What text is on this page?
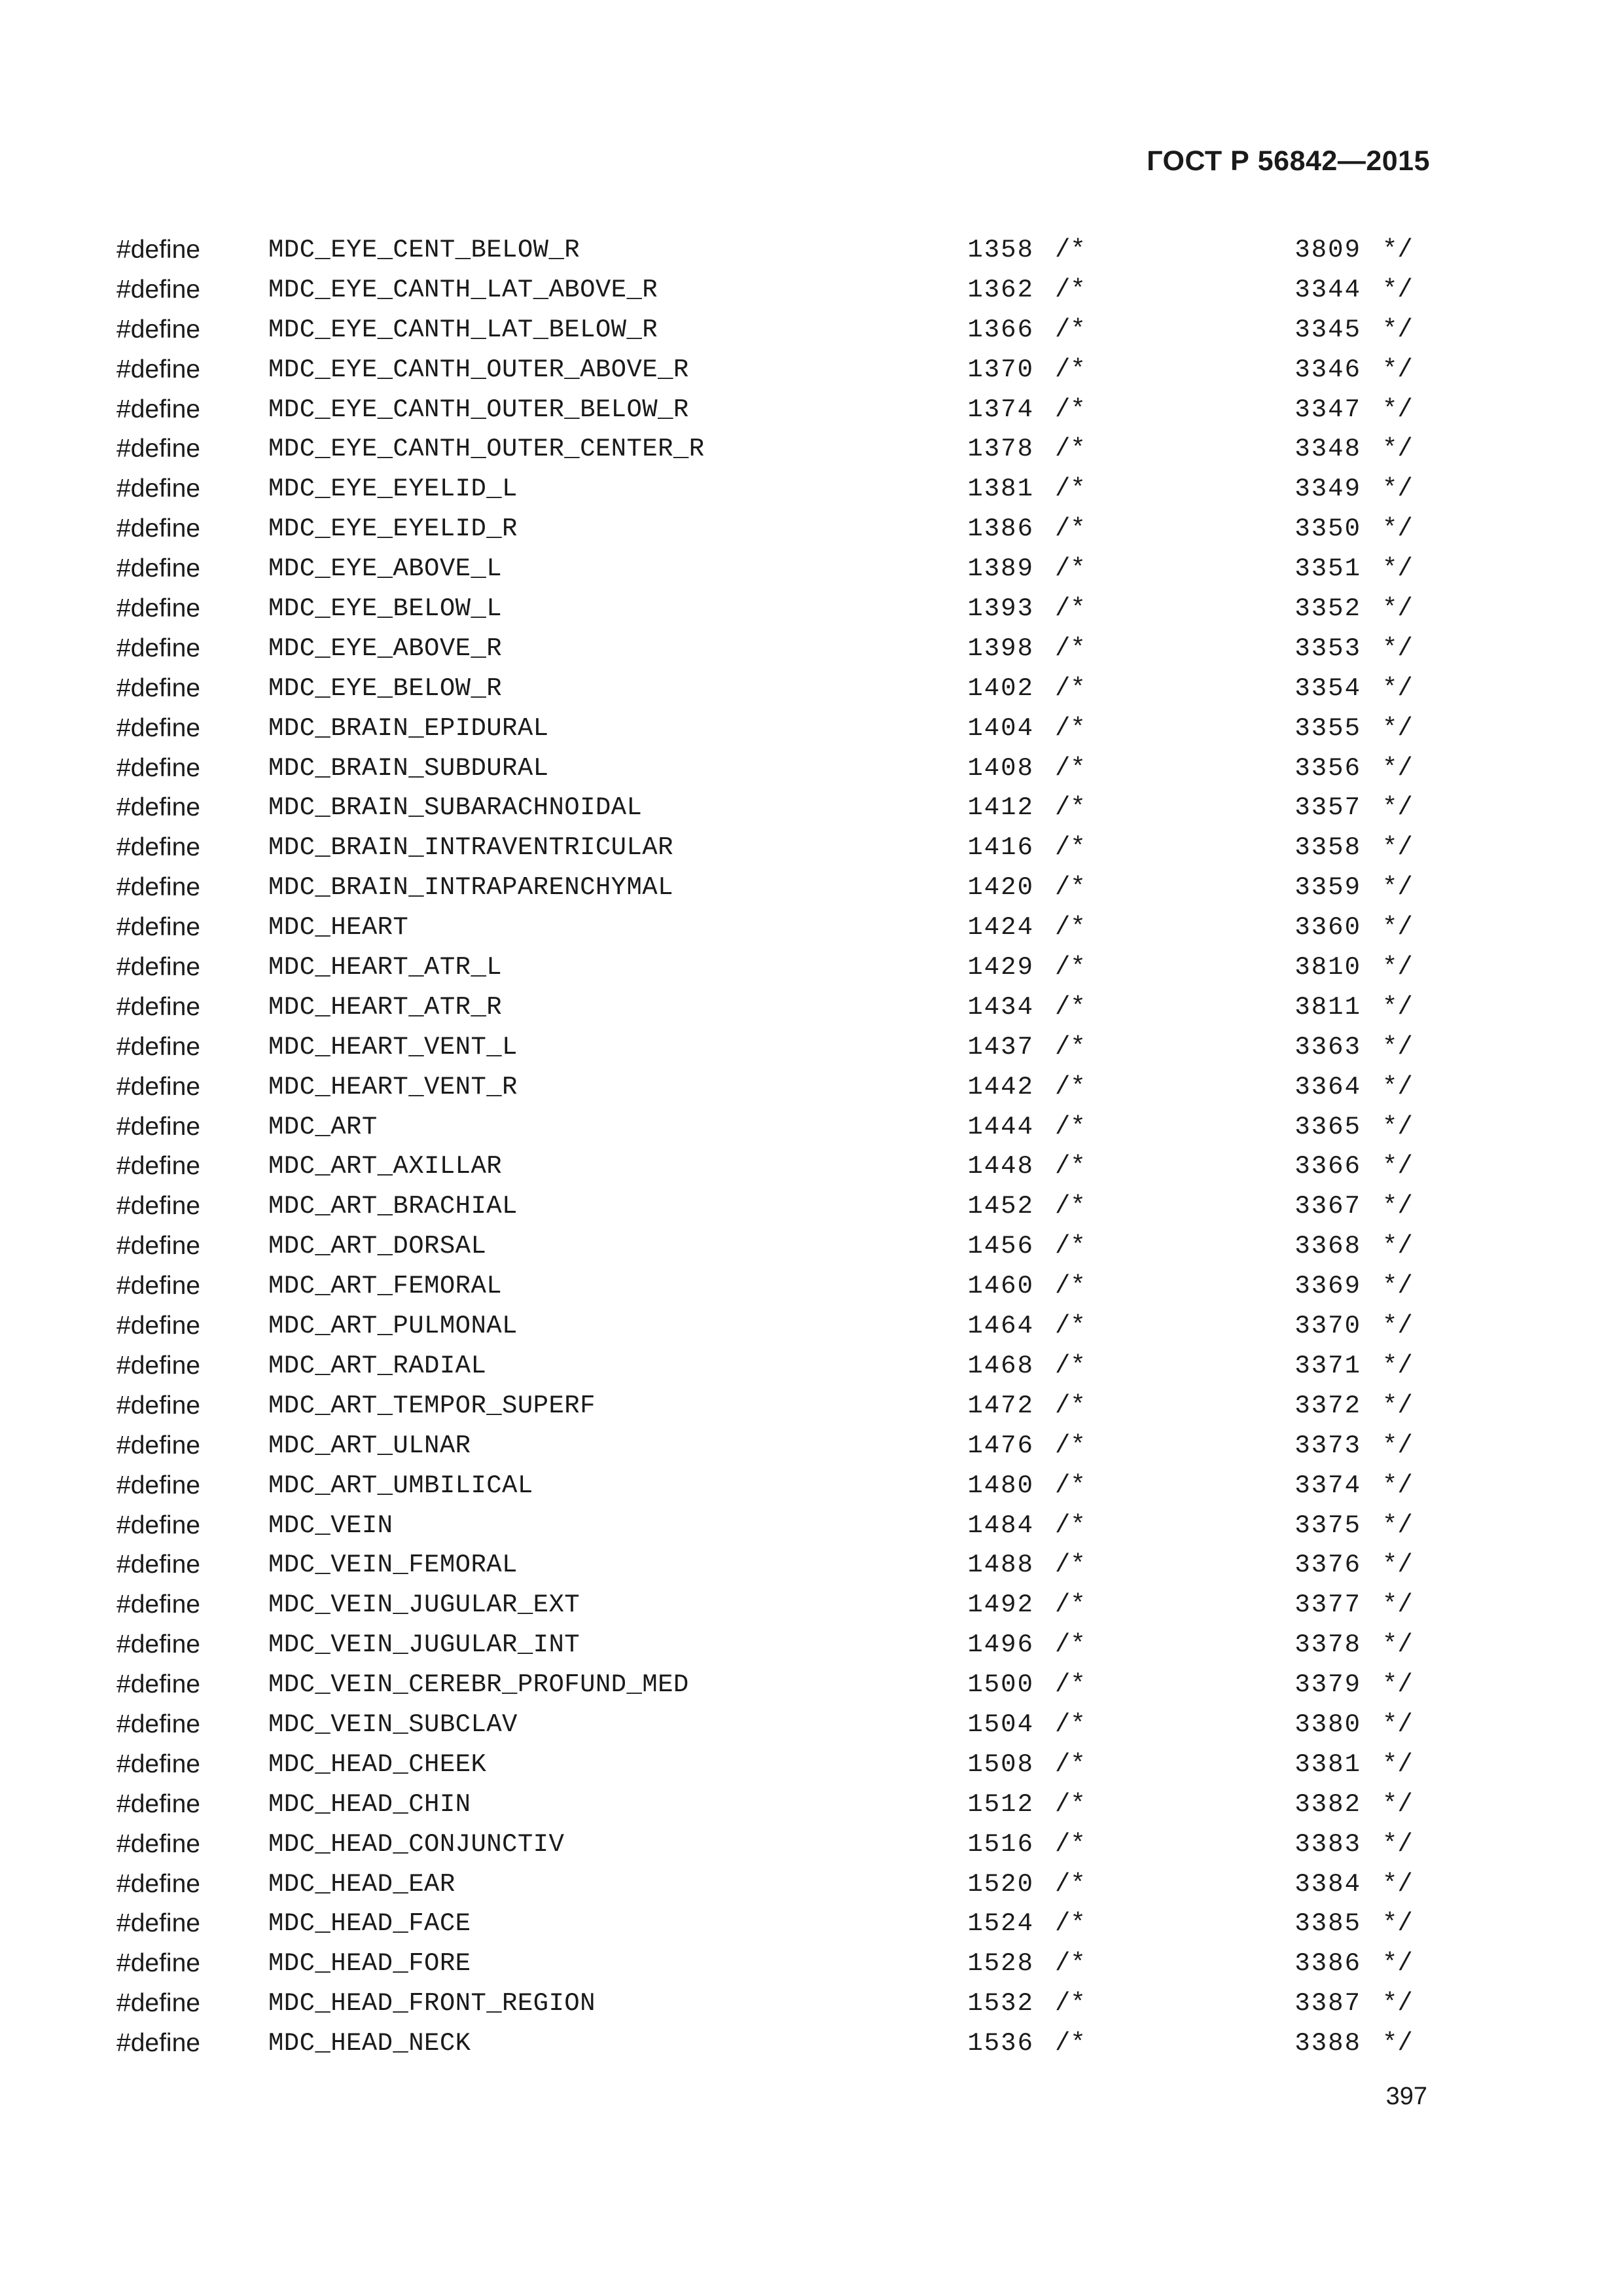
ГОСТ Р 56842—2015
#define	MDC_EYE_CENT_BELOW_R	1358 /*	3809 */
#define	MDC_EYE_CANTH_LAT_ABOVE_R	1362 /*	3344 */
#define	MDC_EYE_CANTH_LAT_BELOW_R	1366 /*	3345 */
#define	MDC_EYE_CANTH_OUTER_ABOVE_R	1370 /*	3346 */
#define	MDC_EYE_CANTH_OUTER_BELOW_R	1374 /*	3347 */
#define	MDC_EYE_CANTH_OUTER_CENTER_R	1378 /*	3348 */
#define	MDC_EYE_EYELID_L	1381 /*	3349 */
#define	MDC_EYE_EYELID_R	1386 /*	3350 */
#define	MDC_EYE_ABOVE_L	1389 /*	3351 */
#define	MDC_EYE_BELOW_L	1393 /*	3352 */
#define	MDC_EYE_ABOVE_R	1398 /*	3353 */
#define	MDC_EYE_BELOW_R	1402 /*	3354 */
#define	MDC_BRAIN_EPIDURAL	1404 /*	3355 */
#define	MDC_BRAIN_SUBDURAL	1408 /*	3356 */
#define	MDC_BRAIN_SUBARACHNOIDAL	1412 /*	3357 */
#define	MDC_BRAIN_INTRAVENTRICULAR	1416 /*	3358 */
#define	MDC_BRAIN_INTRAPARENCHYMAL	1420 /*	3359 */
#define	MDC_HEART	1424 /*	3360 */
#define	MDC_HEART_ATR_L	1429 /*	3810 */
#define	MDC_HEART_ATR_R	1434 /*	3811 */
#define	MDC_HEART_VENT_L	1437 /*	3363 */
#define	MDC_HEART_VENT_R	1442 /*	3364 */
#define	MDC_ART	1444 /*	3365 */
#define	MDC_ART_AXILLAR	1448 /*	3366 */
#define	MDC_ART_BRACHIAL	1452 /*	3367 */
#define	MDC_ART_DORSAL	1456 /*	3368 */
#define	MDC_ART_FEMORAL	1460 /*	3369 */
#define	MDC_ART_PULMONAL	1464 /*	3370 */
#define	MDC_ART_RADIAL	1468 /*	3371 */
#define	MDC_ART_TEMPOR_SUPERF	1472 /*	3372 */
#define	MDC_ART_ULNAR	1476 /*	3373 */
#define	MDC_ART_UMBILICAL	1480 /*	3374 */
#define	MDC_VEIN	1484 /*	3375 */
#define	MDC_VEIN_FEMORAL	1488 /*	3376 */
#define	MDC_VEIN_JUGULAR_EXT	1492 /*	3377 */
#define	MDC_VEIN_JUGULAR_INT	1496 /*	3378 */
#define	MDC_VEIN_CEREBR_PROFUND_MED	1500 /*	3379 */
#define	MDC_VEIN_SUBCLAV	1504 /*	3380 */
#define	MDC_HEAD_CHEEK	1508 /*	3381 */
#define	MDC_HEAD_CHIN	1512 /*	3382 */
#define	MDC_HEAD_CONJUNCTIV	1516 /*	3383 */
#define	MDC_HEAD_EAR	1520 /*	3384 */
#define	MDC_HEAD_FACE	1524 /*	3385 */
#define	MDC_HEAD_FORE	1528 /*	3386 */
#define	MDC_HEAD_FRONT_REGION	1532 /*	3387 */
#define	MDC_HEAD_NECK	1536 /*	3388 */
397
